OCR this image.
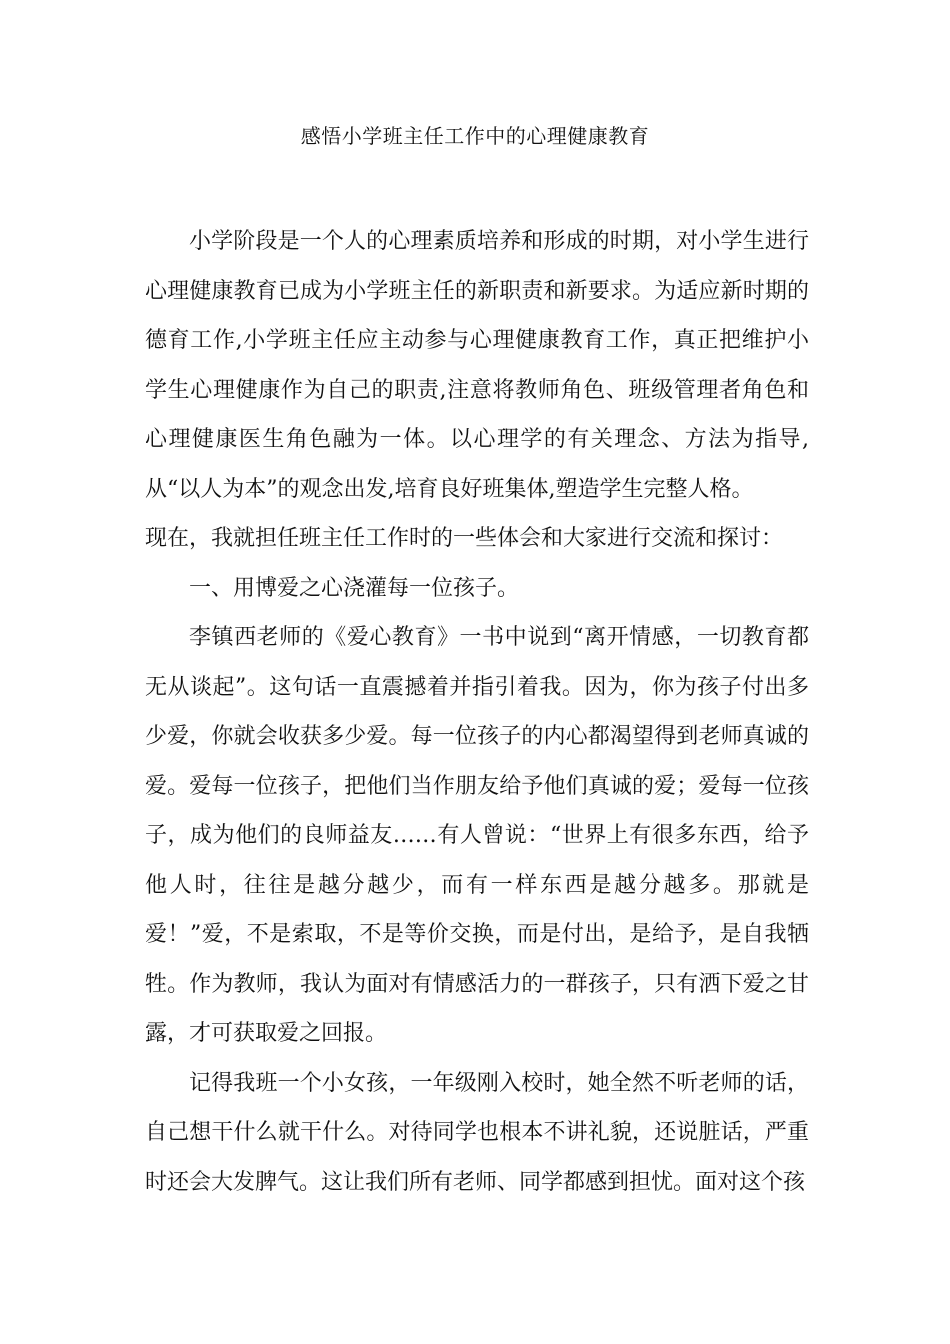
感悟小学班主任工作中的心理健康教育

小学阶段是一个人的心理素质培养和形成的时期，对小学生进行心理健康教育已成为小学班主任的新职责和新要求。为适应新时期的德育工作,小学班主任应主动参与心理健康教育工作，真正把维护小学生心理健康作为自己的职责,注意将教师角色、班级管理者角色和心理健康医生角色融为一体。以心理学的有关理念、方法为指导,从“以人为本”的观念出发,培育良好班集体,塑造学生完整人格。

现在，我就担任班主任工作时的一些体会和大家进行交流和探讨：

一、用博爱之心浇灌每一位孩子。

李镇西老师的《爱心教育》一书中说到“离开情感，一切教育都无从谈起”。这句话一直震撼着并指引着我。因为，你为孩子付出多少爱，你就会收获多少爱。每一位孩子的内心都渴望得到老师真诚的爱。爱每一位孩子，把他们当作朋友给予他们真诚的爱；爱每一位孩子，成为他们的良师益友……有人曾说：“世界上有很多东西，给予他人时，往往是越分越少，而有一样东西是越分越多。那就是爱！”爱，不是索取，不是等价交换，而是付出，是给予，是自我牺牲。作为教师，我认为面对有情感活力的一群孩子，只有洒下爱之甘露，才可获取爱之回报。

记得我班一个小女孩，一年级刚入校时，她全然不听老师的话，自己想干什么就干什么。对待同学也根本不讲礼貌，还说脏话，严重时还会大发脾气。这让我们所有老师、同学都感到担忧。面对这个孩
